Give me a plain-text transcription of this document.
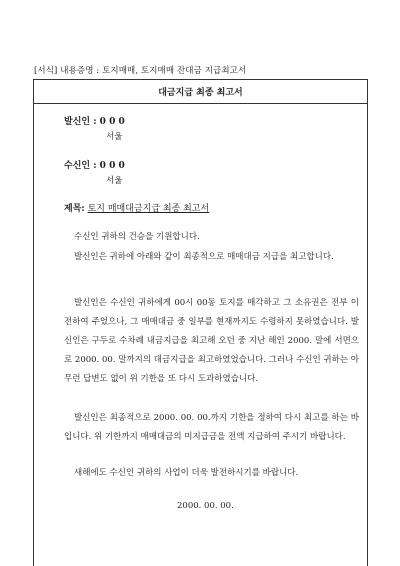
[서식] 내용증명 : 토지매매, 토지매매 잔대금 지급최고서
대금지급 최종 최고서
발신인 : 0 0 0
서울
수신인 : 0 0 0
서울
제목: 토지 매매대금지급 최종 최고서
수신인 귀하의 건승을 기원합니다.
발신인은 귀하에 아래와 같이 최종적으로 매매대금 지급을 최고합니다.
발신인은 수신인 귀하에게 00시 00동 토지를 매각하고 그 소유권은 전부 이전하여 주었으나, 그 매매대금 중 일부를 현재까지도 수령하지 못하였습니다. 발신인은 구두로 수차례 내금지급을 최고해 오던 중 지난 해인 2000. 말에 서면으로 2000. 00. 말까지의 대금지급을 최고하였었습니다. 그러나 수신인 귀하는 아무런 답변도 없이 위 기한을 또 다시 도과하였습니다.
발신인은 최종적으로 2000. 00. 00.까지 기한을 정하여 다시 최고를 하는 바입니다. 위 기한까지 매매대금의 미지급금을 전액 지급하여 주시기 바랍니다.
새해에도 수신인 귀하의 사업이 더욱 발전하시기를 바랍니다.
2000. 00. 00.
